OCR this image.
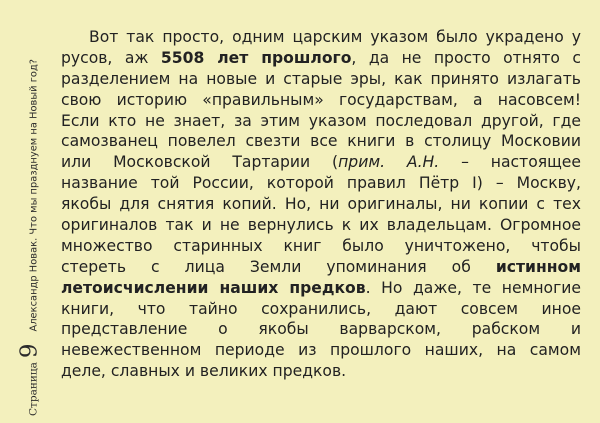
Страница
9
Александр Новак. Что мы празднуем на Новый год?
Вот так просто, одним царским указом было украдено у
русов, аж 5508 лет прошлого, да не просто отнято с
разделением на новые и старые эры, как принято излагать
свою историю «правильным» государствам, а насовсем!
Если кто не знает, за этим указом последовал другой, где
самозванец повелел свезти все книги в столицу Московии
или Московской Тартарии (прим. А.Н. – настоящее
название той России, которой правил Пётр I) – Москву,
якобы для снятия копий. Но, ни оригиналы, ни копии с тех
оригиналов так и не вернулись к их владельцам. Огромное
множество старинных книг было уничтожено, чтобы
стереть с лица Земли упоминания об истинном
летоисчислении наших предков. Но даже, те немногие
книги, что тайно сохранились, дают совсем иное
представление о якобы варварском, рабском и
невежественном периоде из прошлого наших, на самом
деле, славных и великих предков.
